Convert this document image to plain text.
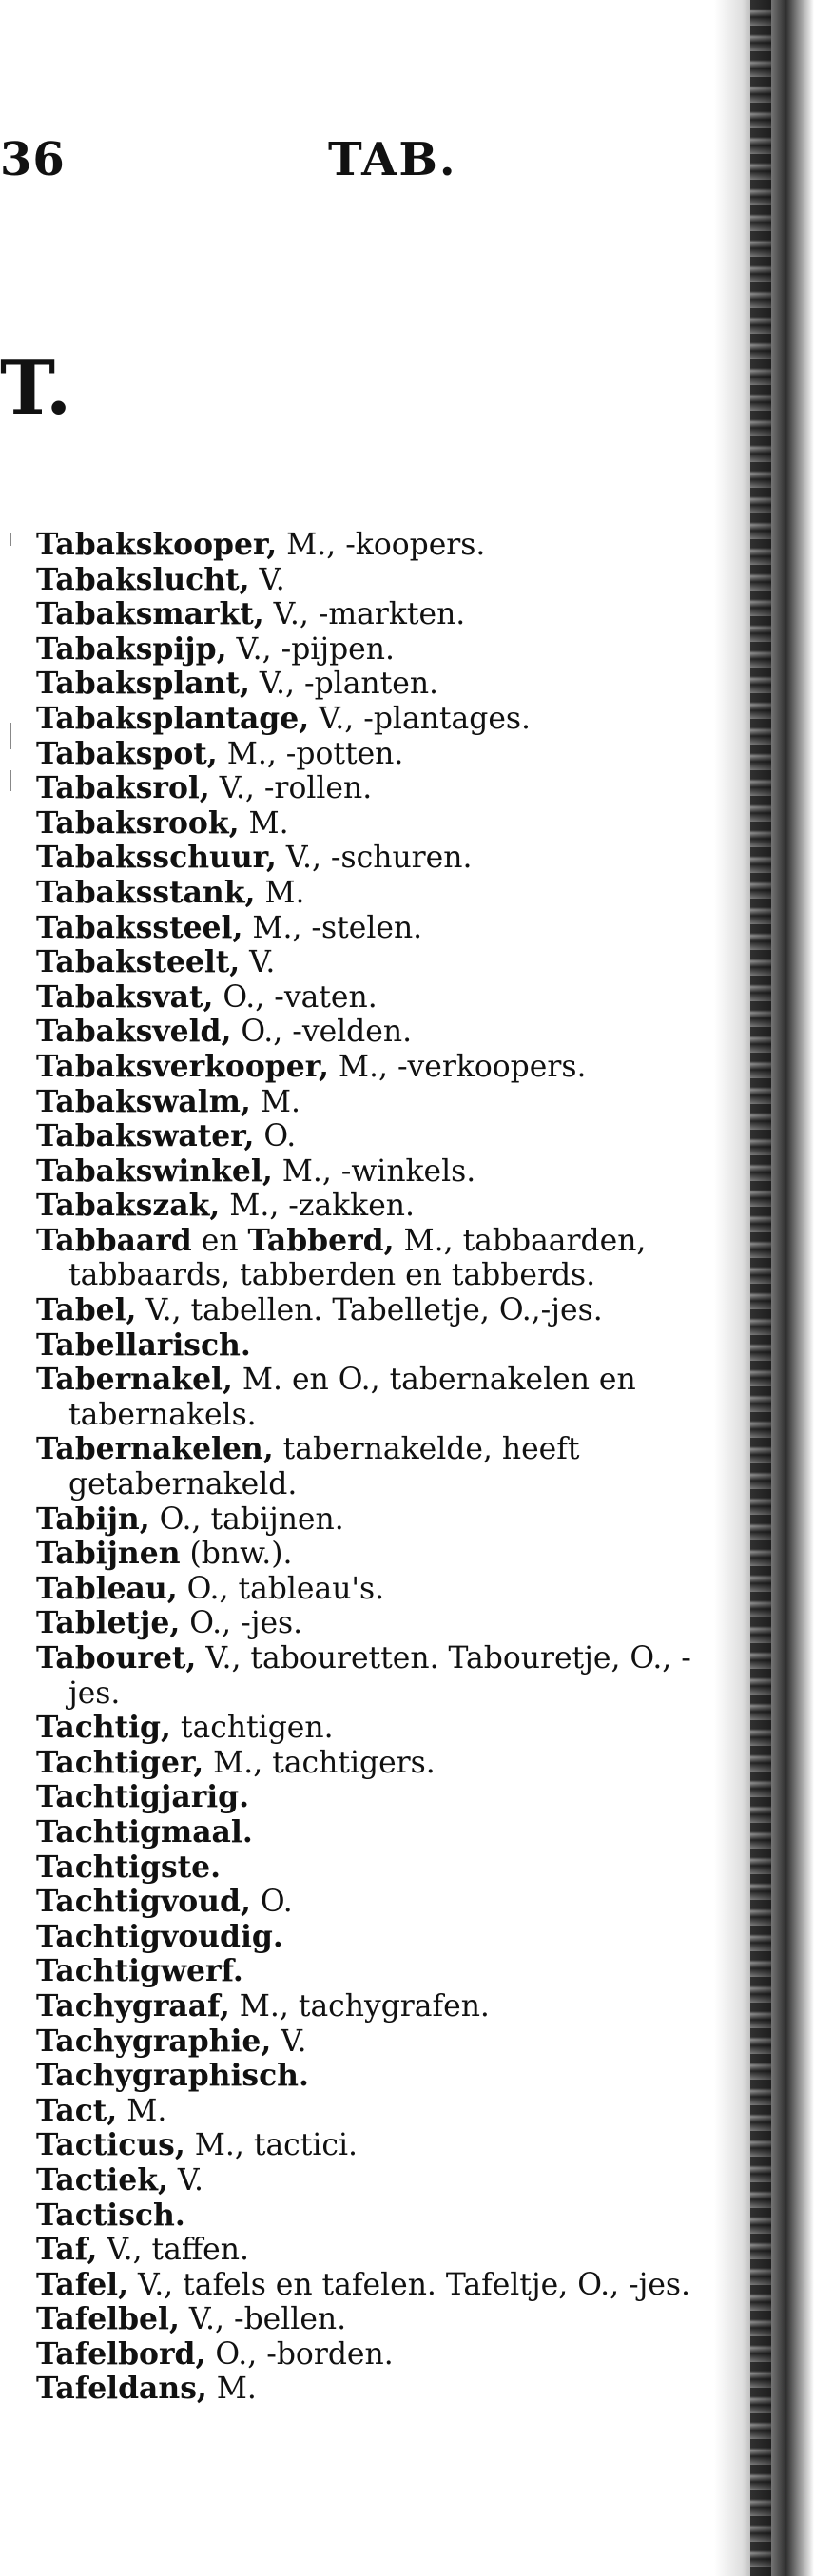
36	TAB.
T.
Tabakskooper, M., -koopers.
Tabakslucht, V.
Tabaksmarkt, V., -markten.
Tabakspijp, V., -pijpen.
Tabaksplant, V., -planten.
Tabaksplantage, V., -plantages.
Tabakspot, M., -potten.
Tabaksrol, V., -rollen.
Tabaksrook, M.
Tabaksschuur, V., -schuren.
Tabaksstank, M.
Tabakssteel, M., -stelen.
Tabaksteelt, V.
Tabaksvat, O., -vaten.
Tabaksveld, O., -velden.
Tabaksverkooper, M., -verkoopers.
Tabakswalm, M.
Tabakswater, O.
Tabakswinkel, M., -winkels.
Tabakszak, M., -zakken.
Tabbaard en Tabberd, M., tabbaarden, tabbaards, tabberden en tabberds.
Tabel, V., tabellen. Tabelletje, O.,-jes.
Tabellarisch.
Tabernakel, M. en O., tabernakelen en tabernakels.
Tabernakelen, tabernakelde, heeft getabernakeld.
Tabijn, O., tabijnen.
Tabijnen (bnw.).
Tableau, O., tableau's.
Tabletje, O., -jes.
Tabouret, V., tabouretten. Tabouretje, O., -jes.
Tachtig, tachtigen.
Tachtiger, M., tachtigers.
Tachtigjarig.
Tachtigmaal.
Tachtigste.
Tachtigvoud, O.
Tachtigvoudig.
Tachtigwerf.
Tachygraaf, M., tachygrafen.
Tachygraphie, V.
Tachygraphisch.
Tact, M.
Tacticus, M., tactici.
Tactiek, V.
Tactisch.
Taf, V., taffen.
Tafel, V., tafels en tafelen. Tafeltje, O., -jes.
Tafelbel, V., -bellen.
Tafelbord, O., -borden.
Tafeldans, M.
